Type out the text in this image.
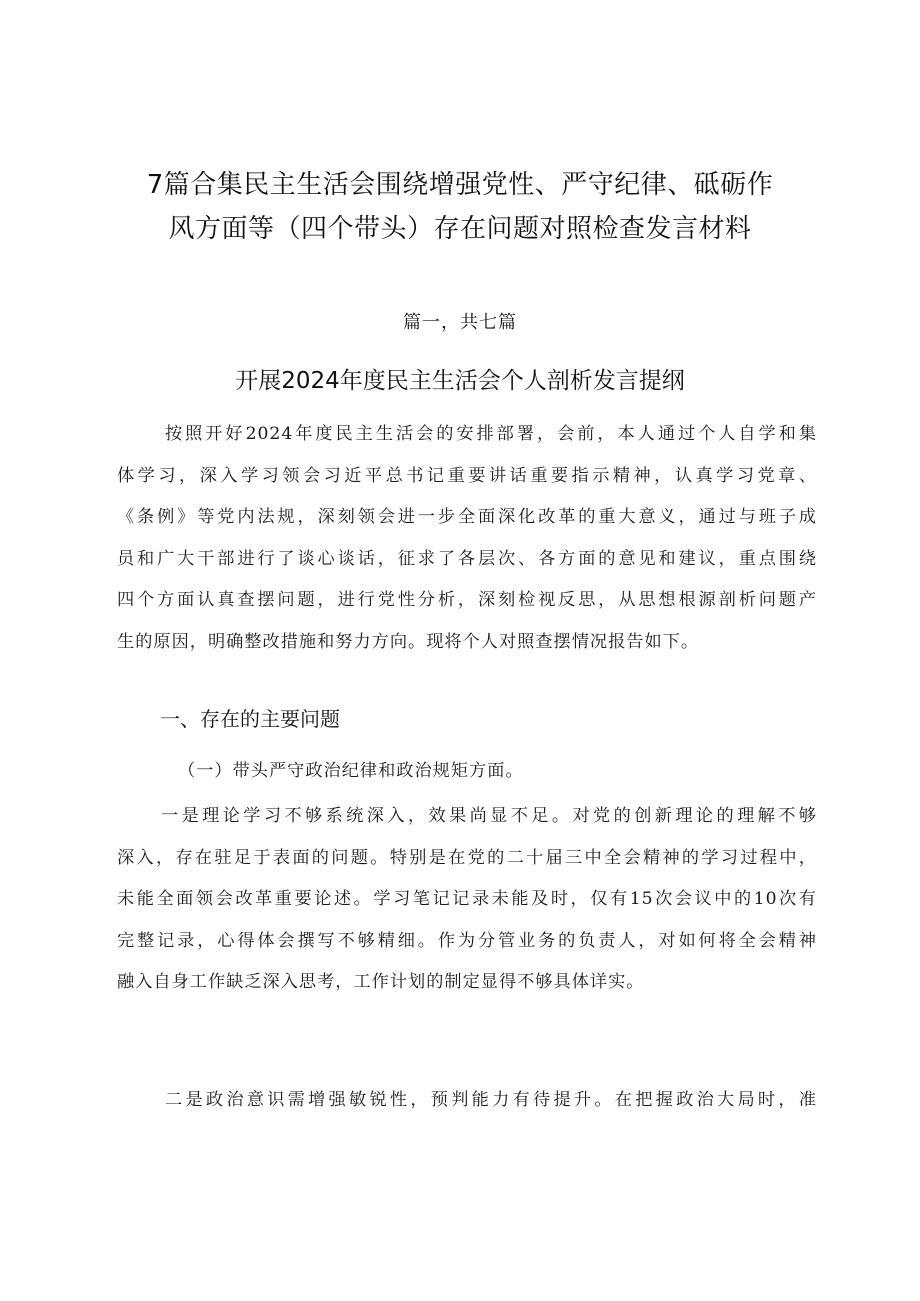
7篇合集民主生活会围绕增强党性、严守纪律、砥砺作
风方面等（四个带头）存在问题对照检查发言材料
篇一，共七篇
开展2024年度民主生活会个人剖析发言提纲
按照开好2024年度民主生活会的安排部署，会前，本人通过个人自学和集
体学习，深入学习领会习近平总书记重要讲话重要指示精神，认真学习党章、
《条例》等党内法规，深刻领会进一步全面深化改革的重大意义，通过与班子成
员和广大干部进行了谈心谈话，征求了各层次、各方面的意见和建议，重点围绕
四个方面认真查摆问题，进行党性分析，深刻检视反思，从思想根源剖析问题产
生的原因，明确整改措施和努力方向。现将个人对照查摆情况报告如下。
一、存在的主要问题
（一）带头严守政治纪律和政治规矩方面。
一是理论学习不够系统深入，效果尚显不足。对党的创新理论的理解不够
深入，存在驻足于表面的问题。特别是在党的二十届三中全会精神的学习过程中，
未能全面领会改革重要论述。学习笔记记录未能及时，仅有15次会议中的10次有
完整记录，心得体会撰写不够精细。作为分管业务的负责人，对如何将全会精神
融入自身工作缺乏深入思考，工作计划的制定显得不够具体详实。
二是政治意识需增强敏锐性，预判能力有待提升。在把握政治大局时，准
